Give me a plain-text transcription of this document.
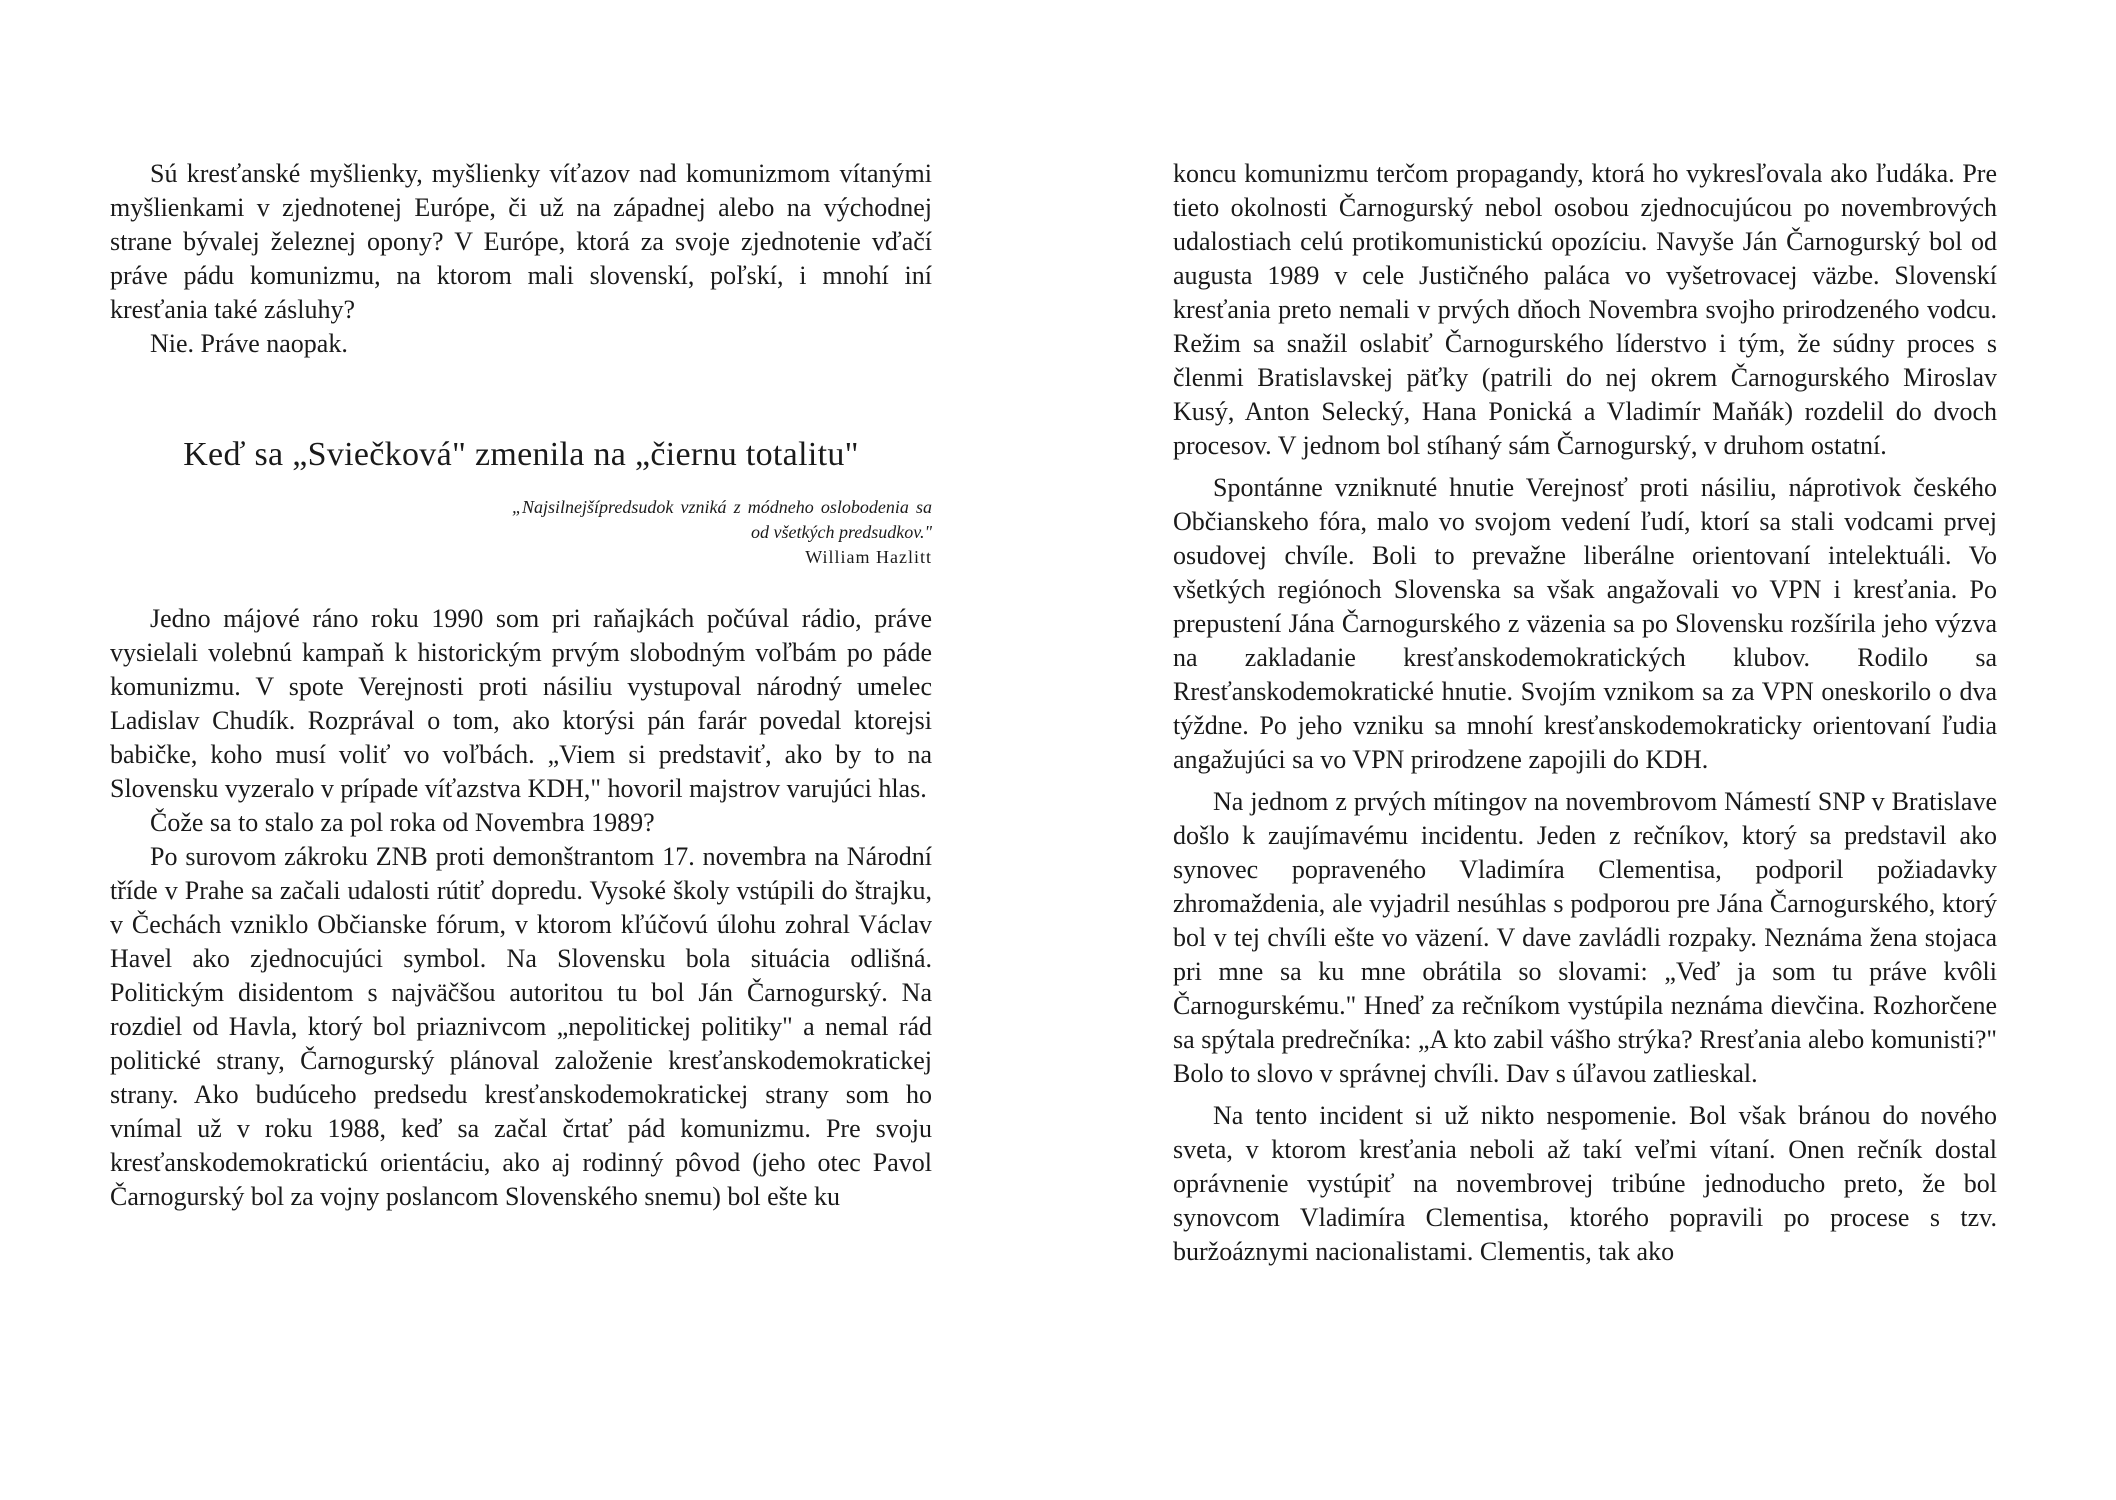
Sú kresťanské myšlienky, myšlienky víťazov nad komunizmom vítanými myšlienkami v zjednotenej Európe, či už na západnej alebo na východnej strane bývalej železnej opony? V Európe, ktorá za svoje zjednotenie vďačí práve pádu komunizmu, na ktorom mali slovenskí, poľskí, i mnohí iní kresťania také zásluhy?

Nie. Práve naopak.

Keď sa „Sviečková" zmenila na „čiernu totalitu"

„Najsilnejšípredsudok vzniká z módneho oslobodenia sa od všetkých predsudkov."

William Hazlitt

Jedno májové ráno roku 1990 som pri raňajkách počúval rádio, práve vysielali volebnú kampaň k historickým prvým slobodným voľbám po páde komunizmu. V spote Verejnosti proti násiliu vystupoval národný umelec Ladislav Chudík. Rozprával o tom, ako ktorýsi pán farár povedal ktorejsi babičke, koho musí voliť vo voľbách. „Viem si predstaviť, ako by to na Slovensku vyzeralo v prípade víťazstva KDH," hovoril majstrov varujúci hlas.

Čože sa to stalo za pol roka od Novembra 1989?

Po surovom zákroku ZNB proti demonštrantom 17. novembra na Národní tříde v Prahe sa začali udalosti rútiť dopredu. Vysoké školy vstúpili do štrajku, v Čechách vzniklo Občianske fórum, v ktorom kľúčovú úlohu zohral Václav Havel ako zjednocujúci symbol. Na Slovensku bola situácia odlišná. Politickým disidentom s najväčšou autoritou tu bol Ján Čarnogurský. Na rozdiel od Havla, ktorý bol priaznivcom „nepolitickej politiky" a nemal rád politické strany, Čarnogurský plánoval založenie kresťanskodemokratickej strany. Ako budúceho predsedu kresťanskodemokratickej strany som ho vnímal už v roku 1988, keď sa začal črtať pád komunizmu. Pre svoju kresťanskodemokratickú orientáciu, ako aj rodinný pôvod (jeho otec Pavol Čarnogurský bol za vojny poslancom Slovenského snemu) bol ešte ku

koncu komunizmu terčom propagandy, ktorá ho vykresľovala ako ľudáka. Pre tieto okolnosti Čarnogurský nebol osobou zjednocujúcou po novembrových udalostiach celú protikomunistickú opozíciu. Navyše Ján Čarnogurský bol od augusta 1989 v cele Justičného paláca vo vyšetrovacej väzbe. Slovenskí kresťania preto nemali v prvých dňoch Novembra svojho prirodzeného vodcu. Režim sa snažil oslabiť Čarnogurského líderstvo i tým, že súdny proces s členmi Bratislavskej päťky (patrili do nej okrem Čarnogurského Miroslav Kusý, Anton Selecký, Hana Ponická a Vladimír Maňák) rozdelil do dvoch procesov. V jednom bol stíhaný sám Čarnogurský, v druhom ostatní.

Spontánne vzniknuté hnutie Verejnosť proti násiliu, náprotivok českého Občianskeho fóra, malo vo svojom vedení ľudí, ktorí sa stali vodcami prvej osudovej chvíle. Boli to prevažne liberálne orientovaní intelektuáli. Vo všetkých regiónoch Slovenska sa však angažovali vo VPN i kresťania. Po prepustení Jána Čarnogurského z väzenia sa po Slovensku rozšírila jeho výzva na zakladanie kresťanskodemokratických klubov. Rodilo sa Rresťanskodemokratické hnutie. Svojím vznikom sa za VPN oneskorilo o dva týždne. Po jeho vzniku sa mnohí kresťanskodemokraticky orientovaní ľudia angažujúci sa vo VPN prirodzene zapojili do KDH.

Na jednom z prvých mítingov na novembrovom Námestí SNP v Bratislave došlo k zaujímavému incidentu. Jeden z rečníkov, ktorý sa predstavil ako synovec popraveného Vladimíra Clementisa, podporil požiadavky zhromaždenia, ale vyjadril nesúhlas s podporou pre Jána Čarnogurského, ktorý bol v tej chvíli ešte vo väzení. V dave zavládli rozpaky. Neznáma žena stojaca pri mne sa ku mne obrátila so slovami: „Veď ja som tu práve kvôli Čarnogurskému." Hneď za rečníkom vystúpila neznáma dievčina. Rozhorčene sa spýtala predrečníka: „A kto zabil vášho strýka? Rresťania alebo komunisti?" Bolo to slovo v správnej chvíli. Dav s úľavou zatlieskal.

Na tento incident si už nikto nespomenie. Bol však bránou do nového sveta, v ktorom kresťania neboli až takí veľmi vítaní. Onen rečník dostal oprávnenie vystúpiť na novembrovej tribúne jednoducho preto, že bol synovcom Vladimíra Clementisa, ktorého popravili po procese s tzv. buržoáznymi nacionalistami. Clementis, tak ako
